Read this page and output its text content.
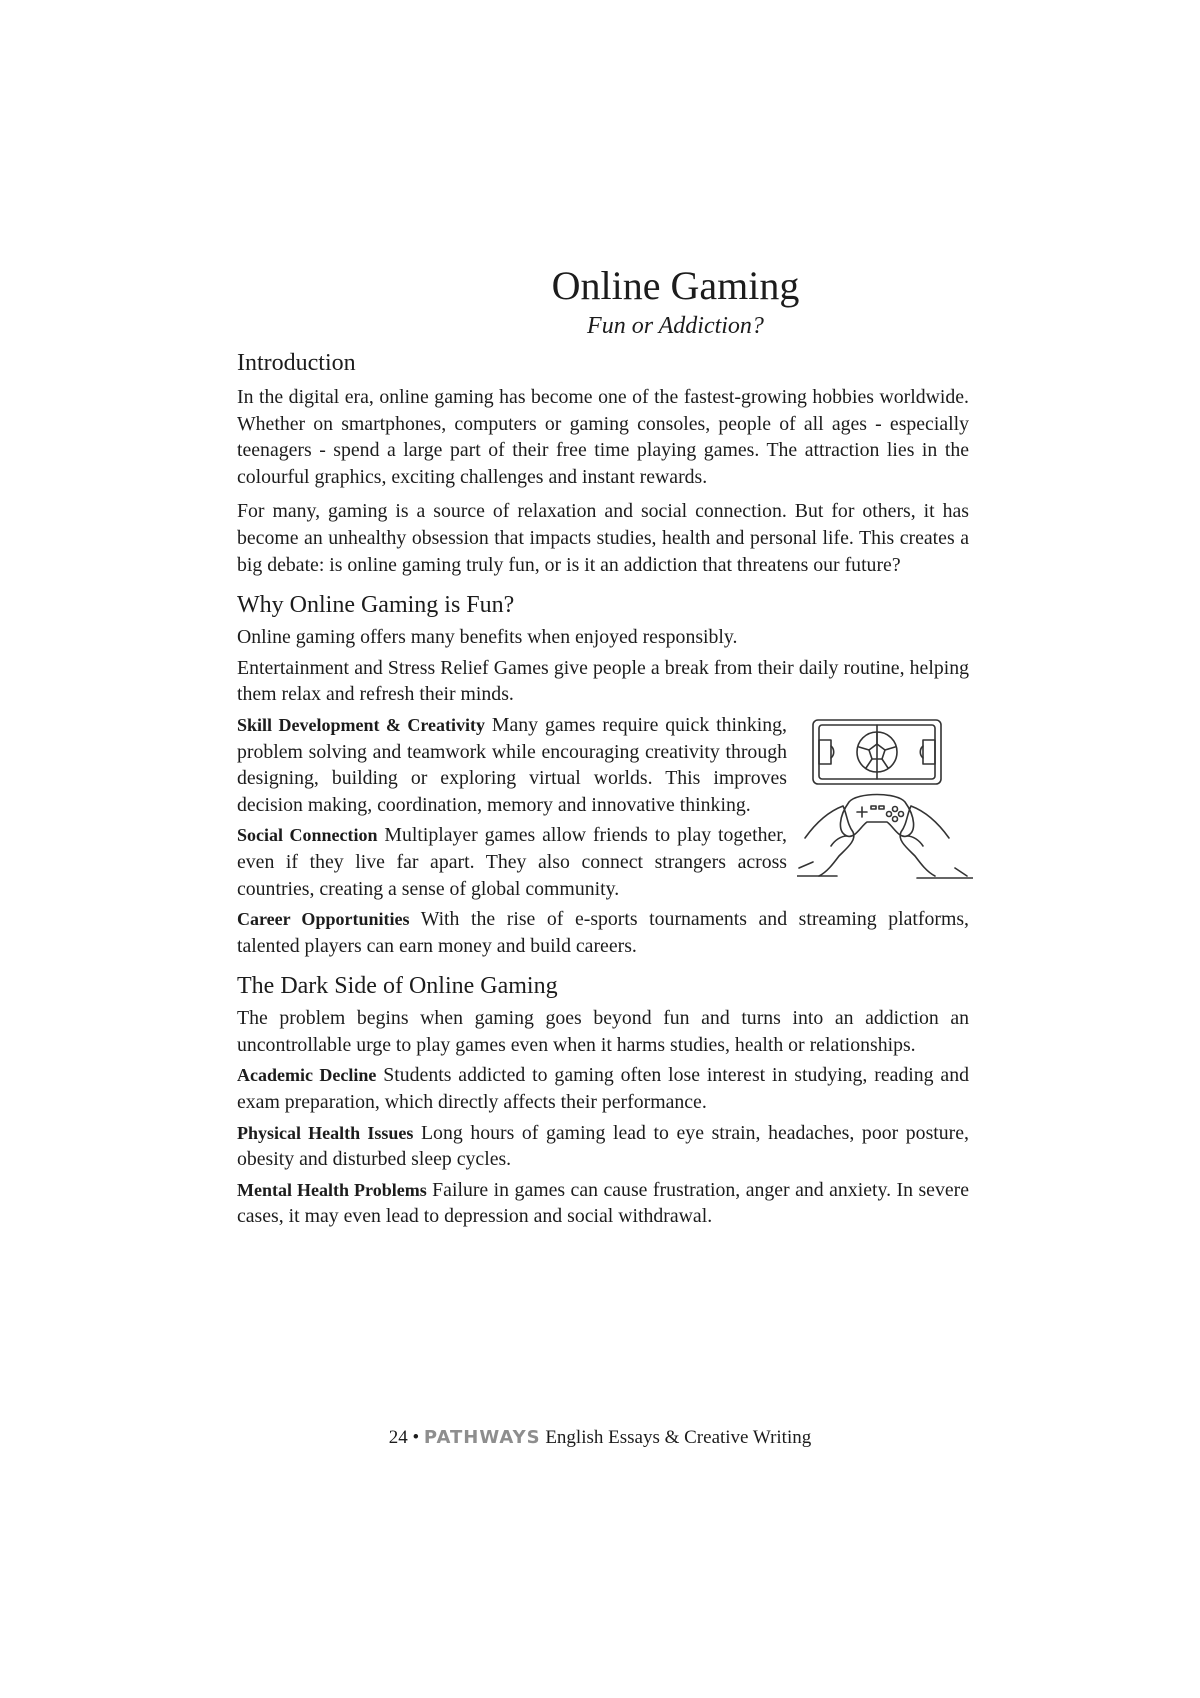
Online Gaming
Fun or Addiction?
Introduction

In the digital era, online gaming has become one of the fastest-growing hobbies worldwide. Whether on smartphones, computers or gaming consoles, people of all ages - especially teenagers - spend a large part of their free time playing games. The attraction lies in the colourful graphics, exciting challenges and instant rewards.

For many, gaming is a source of relaxation and social connection. But for others, it has become an unhealthy obsession that impacts studies, health and personal life. This creates a big debate: is online gaming truly fun, or is it an addiction that threatens our future?

Why Online Gaming is Fun?

Online gaming offers many benefits when enjoyed responsibly.

Entertainment and Stress Relief Games give people a break from their daily routine, helping them relax and refresh their minds.

Skill Development & Creativity Many games require quick thinking, problem solving and teamwork while encouraging creativity through designing, building or exploring virtual worlds. This improves decision making, coordination, memory and innovative thinking.

Social Connection Multiplayer games allow friends to play together, even if they live far apart. They also connect strangers across countries, creating a sense of global community.

Career Opportunities With the rise of e-sports tournaments and streaming platforms, talented players can earn money and build careers.

The Dark Side of Online Gaming

The problem begins when gaming goes beyond fun and turns into an addiction an uncontrollable urge to play games even when it harms studies, health or relationships.

Academic Decline Students addicted to gaming often lose interest in studying, reading and exam preparation, which directly affects their performance.

Physical Health Issues Long hours of gaming lead to eye strain, headaches, poor posture, obesity and disturbed sleep cycles.

Mental Health Problems Failure in games can cause frustration, anger and anxiety. In severe cases, it may even lead to depression and social withdrawal.

24 • PATHWAYS English Essays & Creative Writing
